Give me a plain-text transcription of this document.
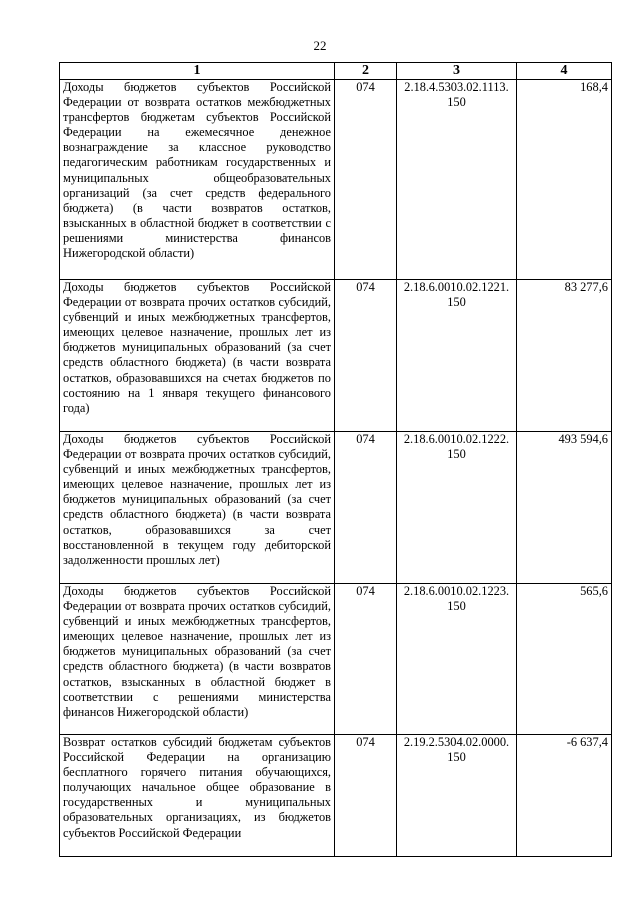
22
1	2	3	4
Доходы бюджетов субъектов Российской Федерации от возврата остатков межбюджетных трансфертов бюджетам субъектов Российской Федерации на ежемесячное денежное вознаграждение за классное руководство педагогическим работникам государственных и муниципальных общеобразовательных организаций (за счет средств федерального бюджета) (в части возвратов остатков, взысканных в областной бюджет в соответствии с решениями министерства финансов Нижегородской области)	074	2.18.4.5303.02.1113. 150	168,4
Доходы бюджетов субъектов Российской Федерации от возврата прочих остатков субсидий, субвенций и иных межбюджетных трансфертов, имеющих целевое назначение, прошлых лет из бюджетов муниципальных образований (за счет средств областного бюджета) (в части возврата остатков, образовавшихся на счетах бюджетов по состоянию на 1 января текущего финансового года)	074	2.18.6.0010.02.1221. 150	83 277,6
Доходы бюджетов субъектов Российской Федерации от возврата прочих остатков субсидий, субвенций и иных межбюджетных трансфертов, имеющих целевое назначение, прошлых лет из бюджетов муниципальных образований (за счет средств областного бюджета) (в части возврата остатков, образовавшихся за счет восстановленной в текущем году дебиторской задолженности прошлых лет)	074	2.18.6.0010.02.1222. 150	493 594,6
Доходы бюджетов субъектов Российской Федерации от возврата прочих остатков субсидий, субвенций и иных межбюджетных трансфертов, имеющих целевое назначение, прошлых лет из бюджетов муниципальных образований (за счет средств областного бюджета) (в части возвратов остатков, взысканных в областной бюджет в соответствии с решениями министерства финансов Нижегородской области)	074	2.18.6.0010.02.1223. 150	565,6
Возврат остатков субсидий бюджетам субъектов Российской Федерации на организацию бесплатного горячего питания обучающихся, получающих начальное общее образование в государственных и муниципальных образовательных организациях, из бюджетов субъектов Российской Федерации	074	2.19.2.5304.02.0000. 150	-6 637,4
